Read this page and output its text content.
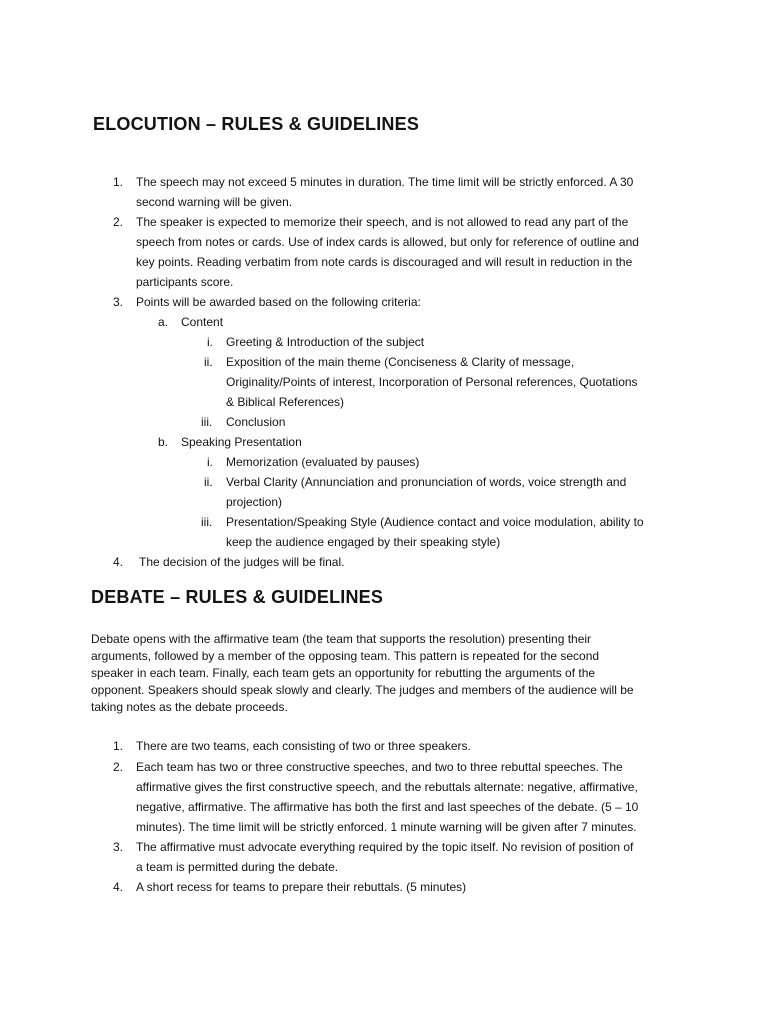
ELOCUTION – RULES & GUIDELINES
1. The speech may not exceed 5 minutes in duration. The time limit will be strictly enforced. A 30
second warning will be given.
2. The speaker is expected to memorize their speech, and is not allowed to read any part of the
speech from notes or cards. Use of index cards is allowed, but only for reference of outline and
key points. Reading verbatim from note cards is discouraged and will result in reduction in the
participants score.
3. Points will be awarded based on the following criteria:
a. Content
i. Greeting & Introduction of the subject
ii. Exposition of the main theme (Conciseness & Clarity of message,
Originality/Points of interest, Incorporation of Personal references, Quotations
& Biblical References)
iii. Conclusion
b. Speaking Presentation
i. Memorization (evaluated by pauses)
ii. Verbal Clarity (Annunciation and pronunciation of words, voice strength and
projection)
iii. Presentation/Speaking Style (Audience contact and voice modulation, ability to
keep the audience engaged by their speaking style)
4. The decision of the judges will be final.
DEBATE – RULES & GUIDELINES
Debate opens with the affirmative team (the team that supports the resolution) presenting their
arguments, followed by a member of the opposing team. This pattern is repeated for the second
speaker in each team. Finally, each team gets an opportunity for rebutting the arguments of the
opponent. Speakers should speak slowly and clearly. The judges and members of the audience will be
taking notes as the debate proceeds.
1. There are two teams, each consisting of two or three speakers.
2. Each team has two or three constructive speeches, and two to three rebuttal speeches. The
affirmative gives the first constructive speech, and the rebuttals alternate: negative, affirmative,
negative, affirmative. The affirmative has both the first and last speeches of the debate. (5 – 10
minutes). The time limit will be strictly enforced. 1 minute warning will be given after 7 minutes.
3. The affirmative must advocate everything required by the topic itself. No revision of position of
a team is permitted during the debate.
4. A short recess for teams to prepare their rebuttals. (5 minutes)
